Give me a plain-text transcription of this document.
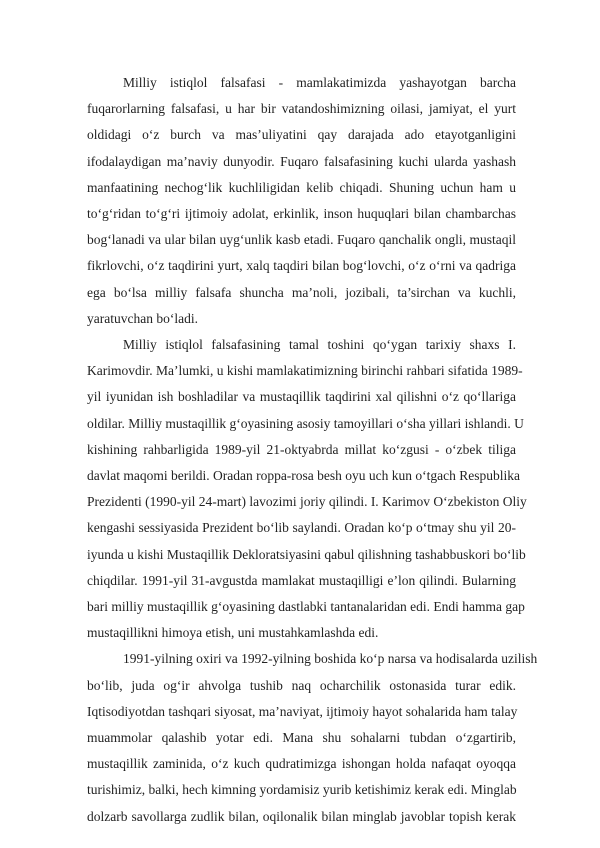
Milliy istiqlol falsafasi - mamlakatimizda yashayotgan barcha
fuqarorlarning falsafasi, u har bir vatandoshimizning oilasi, jamiyat, el yurt
oldidagi o‘z burch va mas’uliyatini qay darajada ado etayotganligini
ifodalaydigan ma’naviy dunyodir. Fuqaro falsafasining kuchi ularda yashash
manfaatining nechog‘lik kuchliligidan kelib chiqadi. Shuning uchun ham u
to‘g‘ridan to‘g‘ri ijtimoiy adolat, erkinlik, inson huquqlari bilan chambarchas
bog‘lanadi va ular bilan uyg‘unlik kasb etadi. Fuqaro qanchalik ongli, mustaqil
fikrlovchi, o‘z taqdirini yurt, xalq taqdiri bilan bog‘lovchi, o‘z o‘rni va qadriga
ega bo‘lsa milliy falsafa shuncha ma’noli, jozibali, ta’sirchan va kuchli,
yaratuvchan bo‘ladi.
Milliy istiqlol falsafasining tamal toshini qo‘ygan tarixiy shaxs I.
Karimovdir. Ma’lumki, u kishi mamlakatimizning birinchi rahbari sifatida 1989-
yil iyunidan ish boshladilar va mustaqillik taqdirini xal qilishni o‘z qo‘llariga
oldilar. Milliy mustaqillik g‘oyasining asosiy tamoyillari o‘sha yillari ishlandi. U
kishining rahbarligida 1989-yil 21-oktyabrda millat ko‘zgusi - o‘zbek tiliga
davlat maqomi berildi. Oradan roppa-rosa besh oyu uch kun o‘tgach Respublika
Prezidenti (1990-yil 24-mart) lavozimi joriy qilindi. I. Karimov O‘zbekiston Oliy
kengashi sessiyasida Prezident bo‘lib saylandi. Oradan ko‘p o‘tmay shu yil 20-
iyunda u kishi Mustaqillik Dekloratsiyasini qabul qilishning tashabbuskori bo‘lib
chiqdilar. 1991-yil 31-avgustda mamlakat mustaqilligi e’lon qilindi. Bularning
bari milliy mustaqillik g‘oyasining dastlabki tantanalaridan edi. Endi hamma gap
mustaqillikni himoya etish, uni mustahkamlashda edi.
1991-yilning oxiri va 1992-yilning boshida ko‘p narsa va hodisalarda uzilish
bo‘lib, juda og‘ir ahvolga tushib naq ocharchilik ostonasida turar edik.
Iqtisodiyotdan tashqari siyosat, ma’naviyat, ijtimoiy hayot sohalarida ham talay
muammolar qalashib yotar edi. Mana shu sohalarni tubdan o‘zgartirib,
mustaqillik zaminida, o‘z kuch qudratimizga ishongan holda nafaqat oyoqqa
turishimiz, balki, hech kimning yordamisiz yurib ketishimiz kerak edi. Minglab
dolzarb savollarga zudlik bilan, oqilonalik bilan minglab javoblar topish kerak
